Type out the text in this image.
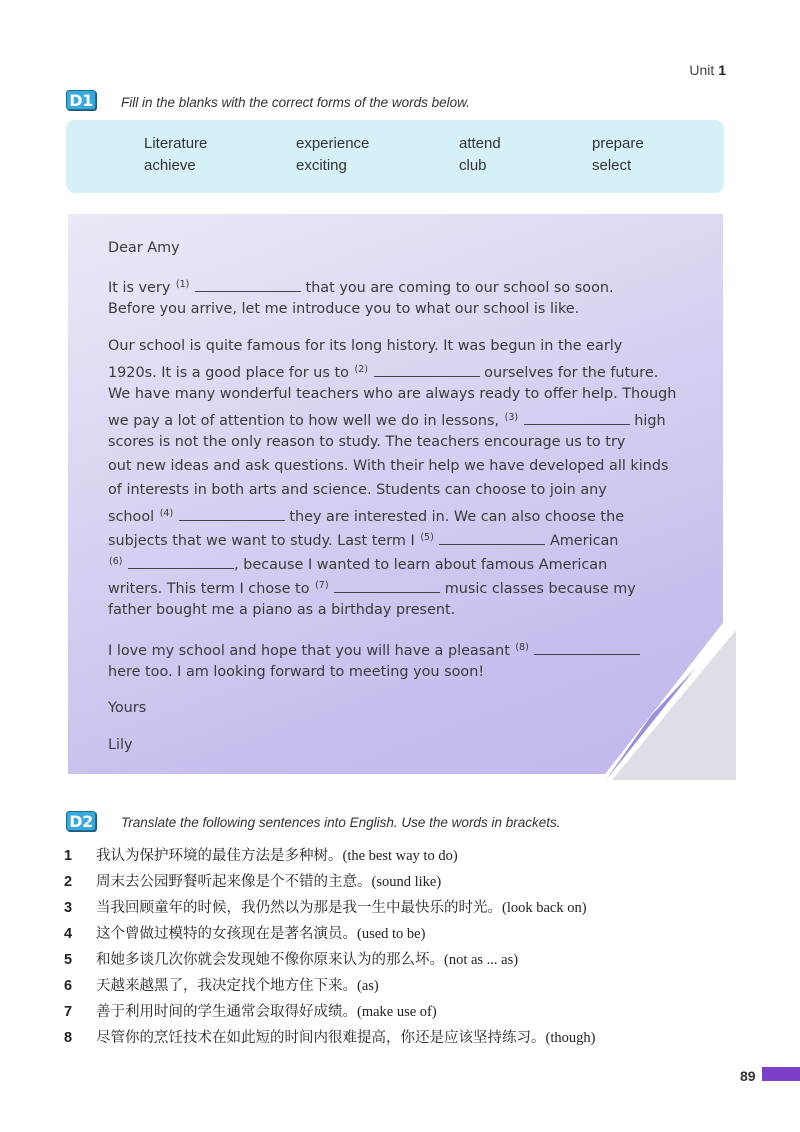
Unit 1
D1 Fill in the blanks with the correct forms of the words below.
Literature	experience	attend	prepare
achieve	exciting	club	select
Dear Amy
It is very $^{(1)}$	that you are coming to our school so soon.
Before you arrive, let me introduce you to what our school is like.
Our school is quite famous for its long history. It was begun in the early
1920s. It is a good place for us to $^{(2)}$	ourselves for the future.
We have many wonderful teachers who are always ready to offer help. Though
we pay a lot of attention to how well we do in lessons, $^{(3)}$	high
scores is not the only reason to study. The teachers encourage us to try
out new ideas and ask questions. With their help we have developed all kinds
of interests in both arts and science. Students can choose to join any
school $^{(4)}$	they are interested in. We can also choose the
subjects that we want to study. Last term I $^{(5)}$	American
$^{(6)}$	, because I wanted to learn about famous American
writers. This term I chose to $^{(7)}$	music classes because my
father bought me a piano as a birthday present.
I love my school and hope that you will have a pleasant $^{(8)}$
here too. I am looking forward to meeting you soon!
Yours
Lily
D2 Translate the following sentences into English. Use the words in brackets.
1 我认为保护环境的最佳方法是多种树。(the best way to do)
2 周末去公园野餐听起来像是个不错的主意。(sound like)
3 当我回顾童年的时候，我仍然以为那是我一生中最快乐的时光。(look back on)
4 这个曾做过模特的女孩现在是著名演员。(used to be)
5 和她多谈几次你就会发现她不像你原来认为的那么坏。(not as ... as)
6 天越来越黑了，我决定找个地方住下来。(as)
7 善于利用时间的学生通常会取得好成绩。(make use of)
8 尽管你的烹饪技术在如此短的时间内很难提高，你还是应该坚持练习。(though)
89
